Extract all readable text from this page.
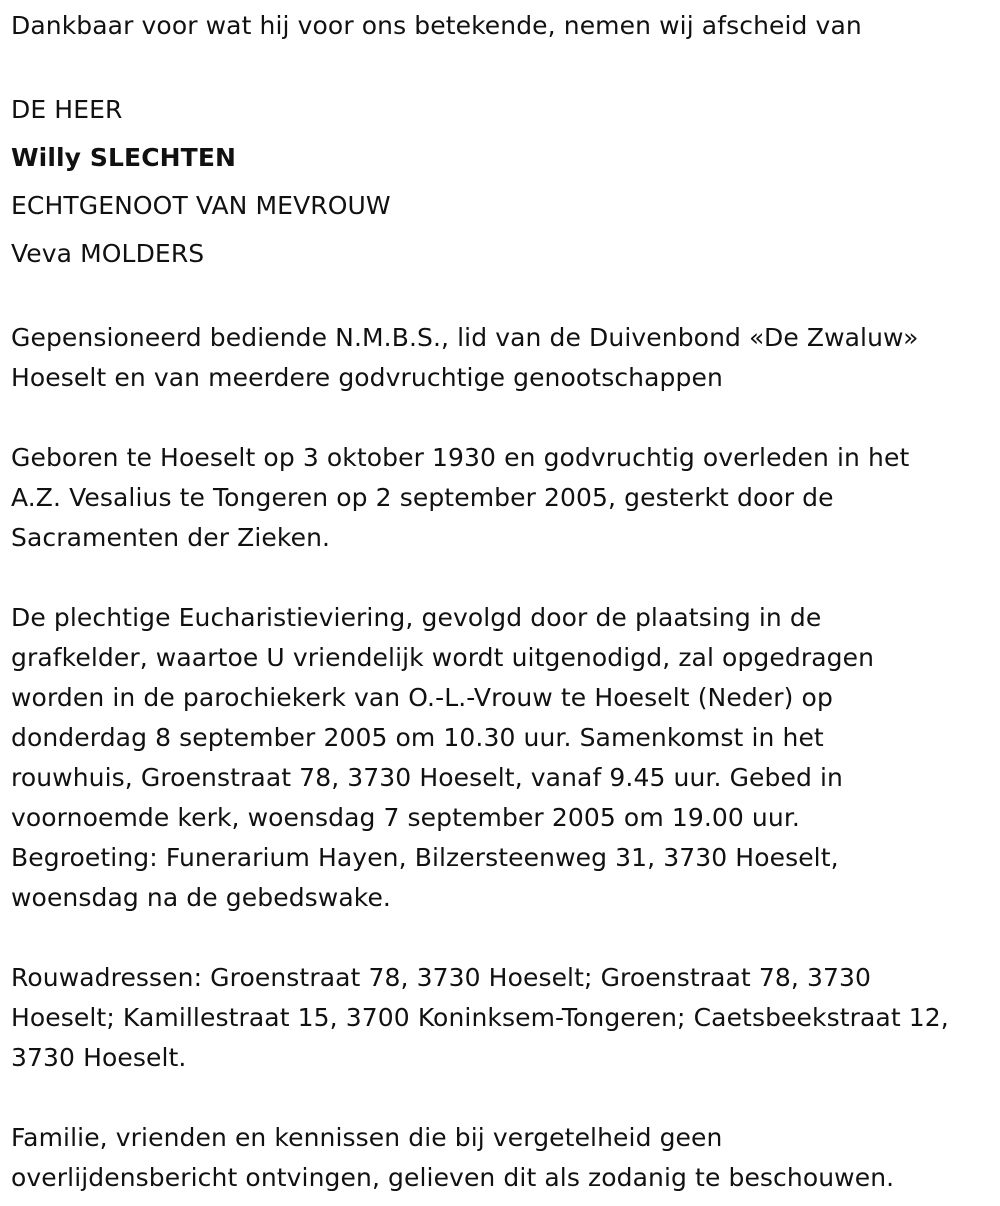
Dankbaar voor wat hij voor ons betekende, nemen wij afscheid van

DE HEER

Willy SLECHTEN

ECHTGENOOT VAN MEVROUW

Veva MOLDERS

Gepensioneerd bediende N.M.B.S., lid van de Duivenbond «De Zwaluw»

Hoeselt en van meerdere godvruchtige genootschappen

Geboren te Hoeselt op 3 oktober 1930 en godvruchtig overleden in het

A.Z. Vesalius te Tongeren op 2 september 2005, gesterkt door de

Sacramenten der Zieken.

De plechtige Eucharistieviering, gevolgd door de plaatsing in de

grafkelder, waartoe U vriendelijk wordt uitgenodigd, zal opgedragen

worden in de parochiekerk van O.-L.-Vrouw te Hoeselt (Neder) op

donderdag 8 september 2005 om 10.30 uur. Samenkomst in het

rouwhuis, Groenstraat 78, 3730 Hoeselt, vanaf 9.45 uur. Gebed in

voornoemde kerk, woensdag 7 september 2005 om 19.00 uur.

Begroeting: Funerarium Hayen, Bilzersteenweg 31, 3730 Hoeselt,

woensdag na de gebedswake.

Rouwadressen: Groenstraat 78, 3730 Hoeselt; Groenstraat 78, 3730

Hoeselt; Kamillestraat 15, 3700 Koninksem-Tongeren; Caetsbeekstraat 12,

3730 Hoeselt.

Familie, vrienden en kennissen die bij vergetelheid geen

overlijdensbericht ontvingen, gelieven dit als zodanig te beschouwen.
